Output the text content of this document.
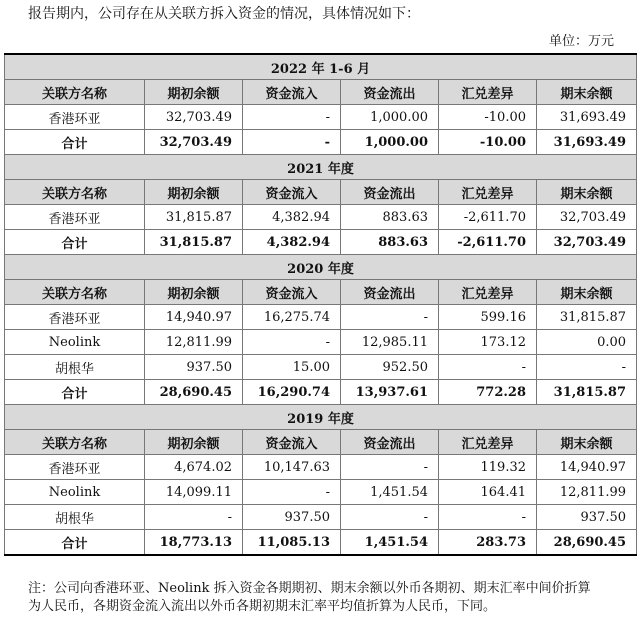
报告期内，公司存在从关联方拆入资金的情况，具体情况如下：
单位：万元
2022 年 1-6 月					
关联方名称	期初余额	资金流入	资金流出	汇兑差异	期末余额
香港环亚	32,703.49	-	1,000.00	-10.00	31,693.49
合计	32,703.49	-	1,000.00	-10.00	31,693.49
2021 年度					
关联方名称	期初余额	资金流入	资金流出	汇兑差异	期末余额
香港环亚	31,815.87	4,382.94	883.63	-2,611.70	32,703.49
合计	31,815.87	4,382.94	883.63	-2,611.70	32,703.49
2020 年度					
关联方名称	期初余额	资金流入	资金流出	汇兑差异	期末余额
香港环亚	14,940.97	16,275.74	-	599.16	31,815.87
Neolink	12,811.99	-	12,985.11	173.12	0.00
胡根华	937.50	15.00	952.50	-	-
合计	28,690.45	16,290.74	13,937.61	772.28	31,815.87
2019 年度					
关联方名称	期初余额	资金流入	资金流出	汇兑差异	期末余额
香港环亚	4,674.02	10,147.63	-	119.32	14,940.97
Neolink	14,099.11	-	1,451.54	164.41	12,811.99
胡根华	-	937.50	-	-	937.50
合计	18,773.13	11,085.13	1,451.54	283.73	28,690.45
注：公司向香港环亚、Neolink 拆入资金各期期初、期末余额以外币各期初、期末汇率中间价折算
为人民币，各期资金流入流出以外币各期初期末汇率平均值折算为人民币，下同。
